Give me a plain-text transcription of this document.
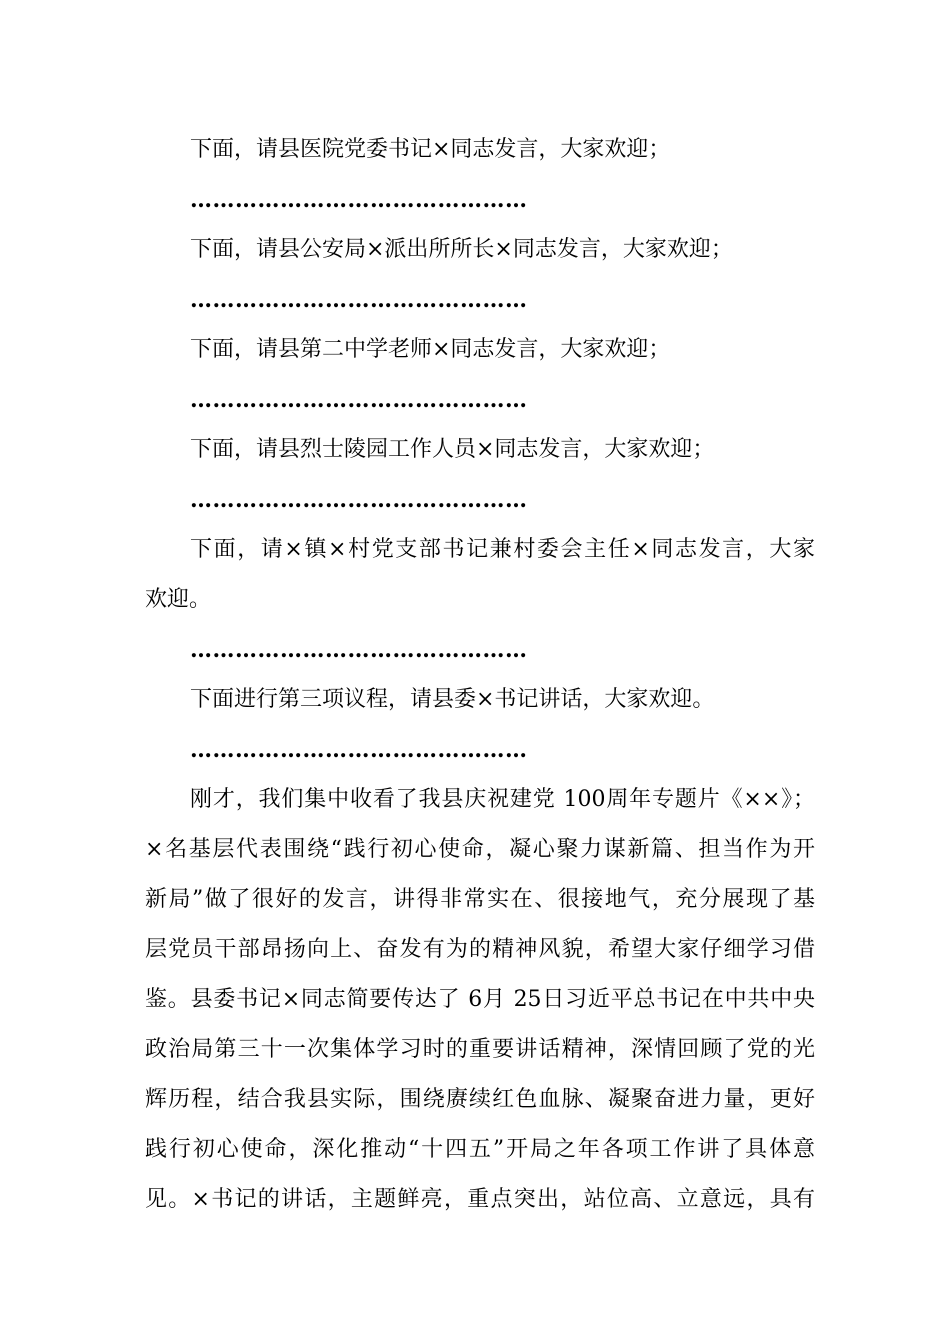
下面，请县医院党委书记×同志发言，大家欢迎；
………………………………………
下面，请县公安局×派出所所长×同志发言，大家欢迎；
………………………………………
下面，请县第二中学老师×同志发言，大家欢迎；
………………………………………
下面，请县烈士陵园工作人员×同志发言，大家欢迎；
………………………………………
下面，请×镇×村党支部书记兼村委会主任×同志发言，大家
欢迎。
………………………………………
下面进行第三项议程，请县委×书记讲话，大家欢迎。
………………………………………
刚才，我们集中收看了我县庆祝建党 100周年专题片《××》；
×名基层代表围绕“践行初心使命，凝心聚力谋新篇、担当作为开
新局”做了很好的发言，讲得非常实在、很接地气，充分展现了基
层党员干部昂扬向上、奋发有为的精神风貌，希望大家仔细学习借
鉴。县委书记×同志简要传达了 6月 25日习近平总书记在中共中央
政治局第三十一次集体学习时的重要讲话精神，深情回顾了党的光
辉历程，结合我县实际，围绕赓续红色血脉、凝聚奋进力量，更好
践行初心使命，深化推动“十四五”开局之年各项工作讲了具体意
见。×书记的讲话，主题鲜亮，重点突出，站位高、立意远，具有
